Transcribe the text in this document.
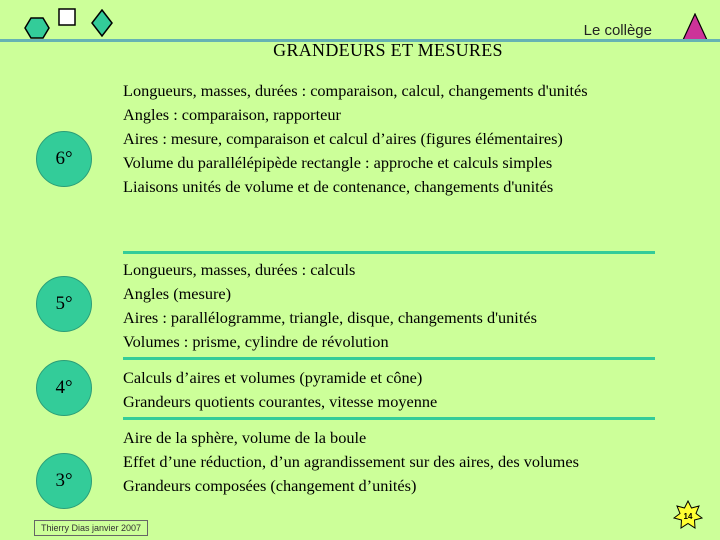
Le collège
GRANDEURS ET MESURES
6°
Longueurs, masses, durées : comparaison, calcul, changements d'unités
Angles : comparaison, rapporteur
Aires : mesure, comparaison et calcul d’aires (figures élémentaires)
Volume du parallélépipède rectangle : approche et calculs simples
Liaisons unités de volume et de contenance, changements d'unités
5°
Longueurs, masses, durées : calculs
Angles (mesure)
Aires : parallélogramme, triangle, disque, changements d'unités
Volumes : prisme, cylindre de révolution
4°	Calculs d’aires et volumes (pyramide et cône)
Grandeurs quotients courantes, vitesse moyenne
3°
Aire de la sphère, volume de la boule
Effet d’une réduction, d’un agrandissement sur des aires, des volumes
Grandeurs composées (changement d’unités)
Thierry Dias janvier 2007
14
